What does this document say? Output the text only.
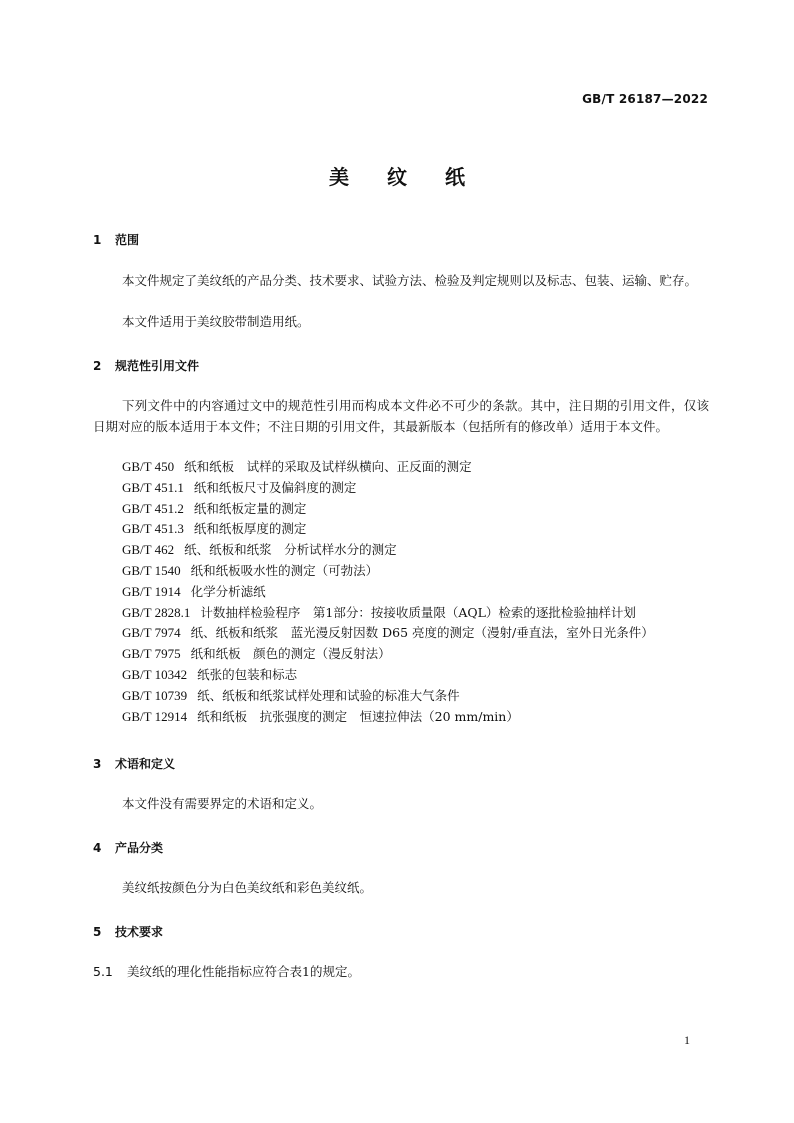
GB/T 26187—2022
美纹纸
1 范围
本文件规定了美纹纸的产品分类、技术要求、试验方法、检验及判定规则以及标志、包装、运输、贮存。
本文件适用于美纹胶带制造用纸。
2 规范性引用文件
下列文件中的内容通过文中的规范性引用而构成本文件必不可少的条款。其中，注日期的引用文件，仅该日期对应的版本适用于本文件；不注日期的引用文件，其最新版本（包括所有的修改单）适用于本文件。
GB/T 450 纸和纸板　试样的采取及试样纵横向、正反面的测定
GB/T 451.1 纸和纸板尺寸及偏斜度的测定
GB/T 451.2 纸和纸板定量的测定
GB/T 451.3 纸和纸板厚度的测定
GB/T 462 纸、纸板和纸浆　分析试样水分的测定
GB/T 1540 纸和纸板吸水性的测定（可勃法）
GB/T 1914 化学分析滤纸
GB/T 2828.1 计数抽样检验程序　第1部分：按接收质量限（AQL）检索的逐批检验抽样计划
GB/T 7974 纸、纸板和纸浆　蓝光漫反射因数 D65 亮度的测定（漫射/垂直法，室外日光条件）
GB/T 7975 纸和纸板　颜色的测定（漫反射法）
GB/T 10342 纸张的包装和标志
GB/T 10739 纸、纸板和纸浆试样处理和试验的标准大气条件
GB/T 12914 纸和纸板　抗张强度的测定　恒速拉伸法（20 mm/min）
3 术语和定义
本文件没有需要界定的术语和定义。
4 产品分类
美纹纸按颜色分为白色美纹纸和彩色美纹纸。
5 技术要求
5.1 美纹纸的理化性能指标应符合表1的规定。
1
